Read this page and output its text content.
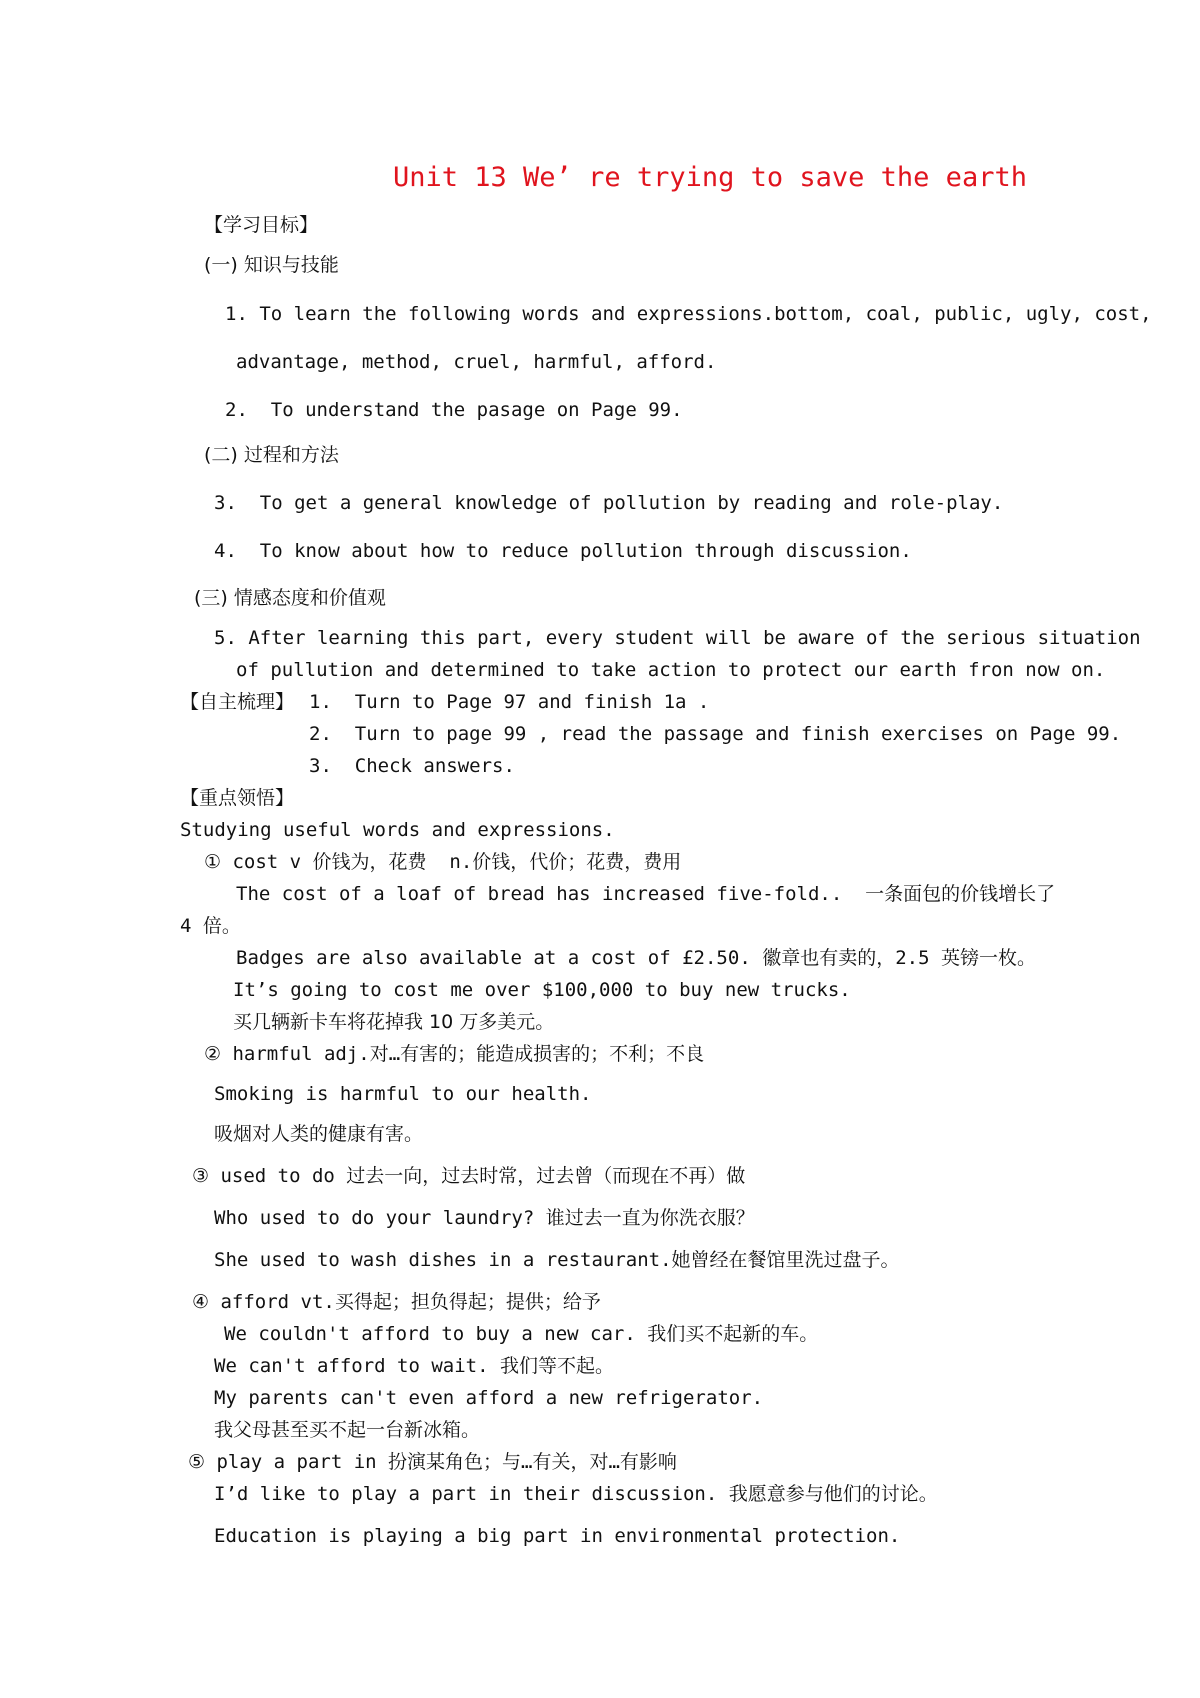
Unit 13 We’ re trying to save the earth
【学习目标】
(一) 知识与技能
1. To learn the following words and expressions.bottom, coal, public, ugly, cost,
advantage, method, cruel, harmful, afford.
2.  To understand the pasage on Page 99.
(二) 过程和方法
3.  To get a general knowledge of pollution by reading and role-play.
4.  To know about how to reduce pollution through discussion.
(三) 情感态度和价值观
5. After learning this part, every student will be aware of the serious situation
of pullution and determined to take action to protect our earth fron now on.
【自主梳理】 1.  Turn to Page 97 and finish 1a .
2.  Turn to page 99 , read the passage and finish exercises on Page 99.
3.  Check answers.
【重点领悟】
Studying useful words and expressions.
① cost v 价钱为，花费  n.价钱，代价；花费，费用
The cost of a loaf of bread has increased five-fold..  一条面包的价钱增长了
4 倍。
Badges are also available at a cost of £2.50. 徽章也有卖的，2.5 英镑一枚。
It’s going to cost me over $100,000 to buy new trucks.
买几辆新卡车将花掉我 10 万多美元。
② harmful adj.对…有害的；能造成损害的；不利；不良
Smoking is harmful to our health.
吸烟对人类的健康有害。
③ used to do 过去一向，过去时常，过去曾（而现在不再）做
Who used to do your laundry? 谁过去一直为你洗衣服？
She used to wash dishes in a restaurant.她曾经在餐馆里洗过盘子。
④ afford vt.买得起；担负得起；提供；给予
We couldn't afford to buy a new car. 我们买不起新的车。
We can't afford to wait. 我们等不起。
My parents can't even afford a new refrigerator.
我父母甚至买不起一台新冰箱。
⑤ play a part in 扮演某角色；与…有关，对…有影响
I’d like to play a part in their discussion. 我愿意参与他们的讨论。
Education is playing a big part in environmental protection.
